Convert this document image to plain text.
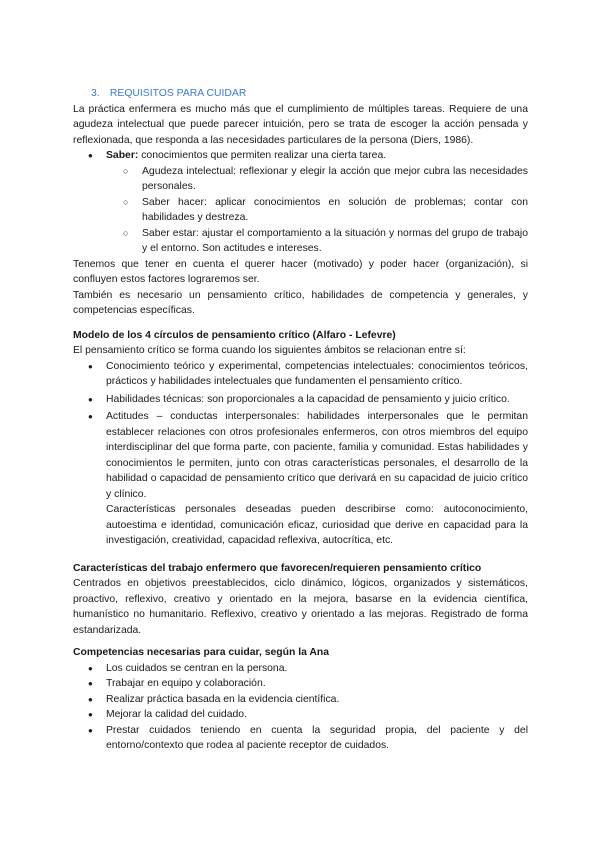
3. REQUISITOS PARA CUIDAR

La práctica enfermera es mucho más que el cumplimiento de múltiples tareas. Requiere de una agudeza intelectual que puede parecer intuición, pero se trata de escoger la acción pensada y reflexionada, que responda a las necesidades particulares de la persona (Diers, 1986).

● Saber: conocimientos que permiten realizar una cierta tarea.
○ Agudeza intelectual: reflexionar y elegir la acción que mejor cubra las necesidades personales.
○ Saber hacer: aplicar conocimientos en solución de problemas; contar con habilidades y destreza.
○ Saber estar: ajustar el comportamiento a la situación y normas del grupo de trabajo y el entorno. Son actitudes e intereses.

Tenemos que tener en cuenta el querer hacer (motivado) y poder hacer (organización), si confluyen estos factores lograremos ser.

También es necesario un pensamiento crítico, habilidades de competencia y generales, y competencias específicas.

Modelo de los 4 círculos de pensamiento crítico (Alfaro - Lefevre)

El pensamiento crítico se forma cuando los siguientes ámbitos se relacionan entre sí:

● Conocimiento teórico y experimental, competencias intelectuales: conocimientos teóricos, prácticos y habilidades intelectuales que fundamenten el pensamiento crítico.
● Habilidades técnicas: son proporcionales a la capacidad de pensamiento y juicio crítico.
● Actitudes – conductas interpersonales: habilidades interpersonales que le permitan establecer relaciones con otros profesionales enfermeros, con otros miembros del equipo interdisciplinar del que forma parte, con paciente, familia y comunidad. Estas habilidades y conocimientos le permiten, junto con otras características personales, el desarrollo de la habilidad o capacidad de pensamiento crítico que derivará en su capacidad de juicio crítico y clínico.

Características personales deseadas pueden describirse como: autoconocimiento, autoestima e identidad, comunicación eficaz, curiosidad que derive en capacidad para la investigación, creatividad, capacidad reflexiva, autocrítica, etc.

Características del trabajo enfermero que favorecen/requieren pensamiento crítico

Centrados en objetivos preestablecidos, ciclo dinámico, lógicos, organizados y sistemáticos, proactivo, reflexivo, creativo y orientado en la mejora, basarse en la evidencia científica, humanístico no humanitario. Reflexivo, creativo y orientado a las mejoras. Registrado de forma estandarizada.

Competencias necesarias para cuidar, según la Ana

● Los cuidados se centran en la persona.
● Trabajar en equipo y colaboración.
● Realizar práctica basada en la evidencia científica.
● Mejorar la calidad del cuidado.
● Prestar cuidados teniendo en cuenta la seguridad propia, del paciente y del entorno/contexto que rodea al paciente receptor de cuidados.
